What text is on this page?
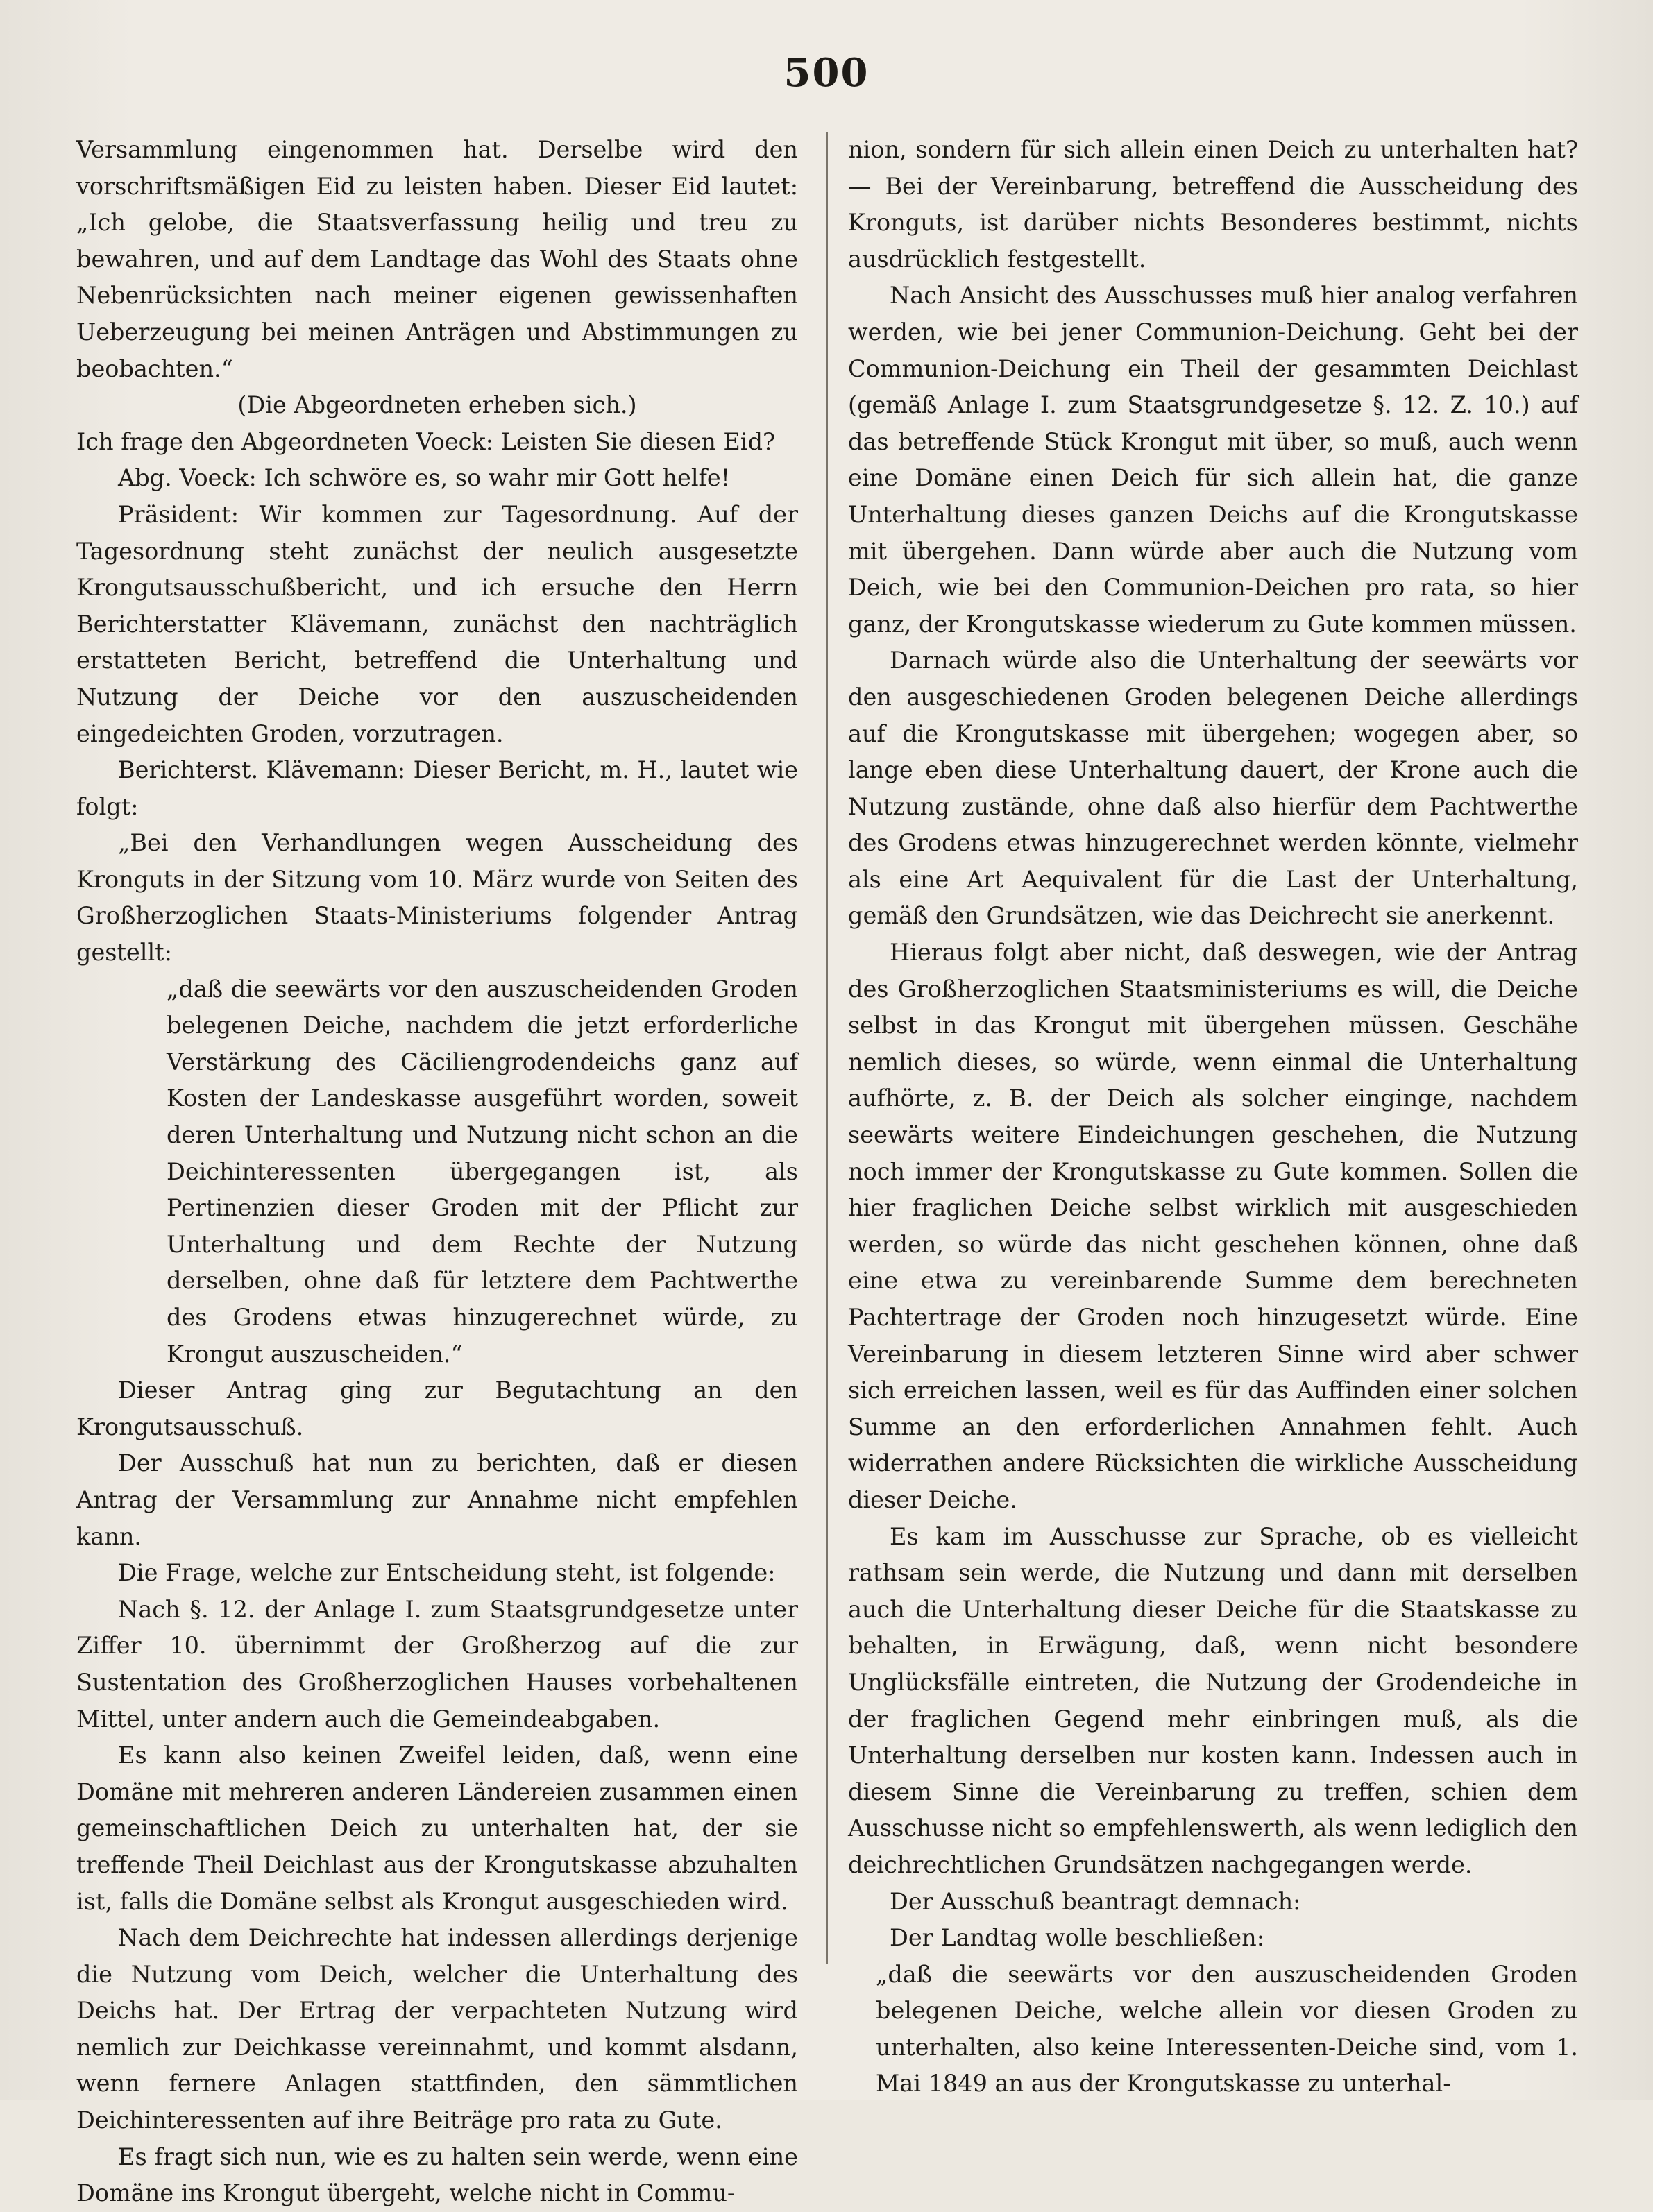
500

Versammlung eingenommen hat. Derselbe wird den vorschriftsmäßigen Eid zu leisten haben. Dieser Eid lautet: „Ich gelobe, die Staatsverfassung heilig und treu zu bewahren, und auf dem Landtage das Wohl des Staats ohne Nebenrücksichten nach meiner eigenen gewissenhaften Ueberzeugung bei meinen Anträgen und Abstimmungen zu beobachten.“

(Die Abgeordneten erheben sich.)

Ich frage den Abgeordneten Voeck: Leisten Sie diesen Eid?

Abg. Voeck: Ich schwöre es, so wahr mir Gott helfe!

Präsident: Wir kommen zur Tagesordnung. Auf der Tagesordnung steht zunächst der neulich ausgesetzte Krongutsausschußbericht, und ich ersuche den Herrn Berichterstatter Klävemann, zunächst den nachträglich erstatteten Bericht, betreffend die Unterhaltung und Nutzung der Deiche vor den auszuscheidenden eingedeichten Groden, vorzutragen.

Berichterst. Klävemann: Dieser Bericht, m. H., lautet wie folgt:

„Bei den Verhandlungen wegen Ausscheidung des Kronguts in der Sitzung vom 10. März wurde von Seiten des Großherzoglichen Staats-Ministeriums folgender Antrag gestellt:

„daß die seewärts vor den auszuscheidenden Groden belegenen Deiche, nachdem die jetzt erforderliche Verstärkung des Cäciliengrodendeichs ganz auf Kosten der Landeskasse ausgeführt worden, soweit deren Unterhaltung und Nutzung nicht schon an die Deichinteressenten übergegangen ist, als Pertinenzien dieser Groden mit der Pflicht zur Unterhaltung und dem Rechte der Nutzung derselben, ohne daß für letztere dem Pachtwerthe des Grodens etwas hinzugerechnet würde, zu Krongut auszuscheiden.“

Dieser Antrag ging zur Begutachtung an den Krongutsausschuß.

Der Ausschuß hat nun zu berichten, daß er diesen Antrag der Versammlung zur Annahme nicht empfehlen kann.

Die Frage, welche zur Entscheidung steht, ist folgende:

Nach §. 12. der Anlage I. zum Staatsgrundgesetze unter Ziffer 10. übernimmt der Großherzog auf die zur Sustentation des Großherzoglichen Hauses vorbehaltenen Mittel, unter andern auch die Gemeindeabgaben.

Es kann also keinen Zweifel leiden, daß, wenn eine Domäne mit mehreren anderen Ländereien zusammen einen gemeinschaftlichen Deich zu unterhalten hat, der sie treffende Theil Deichlast aus der Krongutskasse abzuhalten ist, falls die Domäne selbst als Krongut ausgeschieden wird.

Nach dem Deichrechte hat indessen allerdings derjenige die Nutzung vom Deich, welcher die Unterhaltung des Deichs hat. Der Ertrag der verpachteten Nutzung wird nemlich zur Deichkasse vereinnahmt, und kommt alsdann, wenn fernere Anlagen stattfinden, den sämmtlichen Deichinteressenten auf ihre Beiträge pro rata zu Gute.

Es fragt sich nun, wie es zu halten sein werde, wenn eine Domäne ins Krongut übergeht, welche nicht in Commu-

nion, sondern für sich allein einen Deich zu unterhalten hat? — Bei der Vereinbarung, betreffend die Ausscheidung des Kronguts, ist darüber nichts Besonderes bestimmt, nichts ausdrücklich festgestellt.

Nach Ansicht des Ausschusses muß hier analog verfahren werden, wie bei jener Communion-Deichung. Geht bei der Communion-Deichung ein Theil der gesammten Deichlast (gemäß Anlage I. zum Staatsgrundgesetze §. 12. Z. 10.) auf das betreffende Stück Krongut mit über, so muß, auch wenn eine Domäne einen Deich für sich allein hat, die ganze Unterhaltung dieses ganzen Deichs auf die Krongutskasse mit übergehen. Dann würde aber auch die Nutzung vom Deich, wie bei den Communion-Deichen pro rata, so hier ganz, der Krongutskasse wiederum zu Gute kommen müssen.

Darnach würde also die Unterhaltung der seewärts vor den ausgeschiedenen Groden belegenen Deiche allerdings auf die Krongutskasse mit übergehen; wogegen aber, so lange eben diese Unterhaltung dauert, der Krone auch die Nutzung zustände, ohne daß also hierfür dem Pachtwerthe des Grodens etwas hinzugerechnet werden könnte, vielmehr als eine Art Aequivalent für die Last der Unterhaltung, gemäß den Grundsätzen, wie das Deichrecht sie anerkennt.

Hieraus folgt aber nicht, daß deswegen, wie der Antrag des Großherzoglichen Staatsministeriums es will, die Deiche selbst in das Krongut mit übergehen müssen. Geschähe nemlich dieses, so würde, wenn einmal die Unterhaltung aufhörte, z. B. der Deich als solcher einginge, nachdem seewärts weitere Eindeichungen geschehen, die Nutzung noch immer der Krongutskasse zu Gute kommen. Sollen die hier fraglichen Deiche selbst wirklich mit ausgeschieden werden, so würde das nicht geschehen können, ohne daß eine etwa zu vereinbarende Summe dem berechneten Pachtertrage der Groden noch hinzugesetzt würde. Eine Vereinbarung in diesem letzteren Sinne wird aber schwer sich erreichen lassen, weil es für das Auffinden einer solchen Summe an den erforderlichen Annahmen fehlt. Auch widerrathen andere Rücksichten die wirkliche Ausscheidung dieser Deiche.

Es kam im Ausschusse zur Sprache, ob es vielleicht rathsam sein werde, die Nutzung und dann mit derselben auch die Unterhaltung dieser Deiche für die Staatskasse zu behalten, in Erwägung, daß, wenn nicht besondere Unglücksfälle eintreten, die Nutzung der Grodendeiche in der fraglichen Gegend mehr einbringen muß, als die Unterhaltung derselben nur kosten kann. Indessen auch in diesem Sinne die Vereinbarung zu treffen, schien dem Ausschusse nicht so empfehlenswerth, als wenn lediglich den deichrechtlichen Grundsätzen nachgegangen werde.

Der Ausschuß beantragt demnach:

Der Landtag wolle beschließen:

„daß die seewärts vor den auszuscheidenden Groden belegenen Deiche, welche allein vor diesen Groden zu unterhalten, also keine Interessenten-Deiche sind, vom 1. Mai 1849 an aus der Krongutskasse zu unterhal-
